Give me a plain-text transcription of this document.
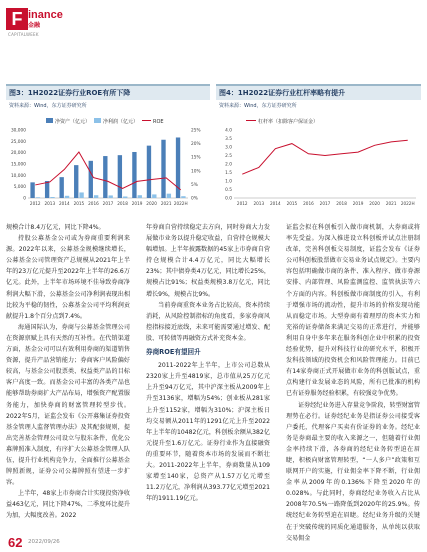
F inance
金融
CAPITALWEEK
图3：1H2022证券行业ROE有所下降
资料来源：Wind，东方证券研究所
净资产（亿元）	净利润（亿元）	ROE
0
5,000
10,000
15,000
20,000
25,000
30,000
0%
5%
10%
15%
20%
25%
2012 2013 2014 2015 2016 2017 2018 2019 2020 2021 2022H
图4：1H2022证券行业杠杆率略有提升
资料来源：Wind，东方证券研究所
杠杆率（扣除客户保证金）
0.0
0.5
1.0
1.5
2.0
2.5
3.0
3.5
4.0
2012 2013 2014 2015 2016 2017 2018 2019 2020 2021 2022H

规模合计8.4万亿元，同比下降4%。

持股公募基金公司或为券商重要利润来源。2022年以来，公募基金规模继续增长，公募基金公司管理资产总规模从2021年上半年的23万亿元提升至2022年上半年的26.6万亿元。此外，上半年市场环境不佳导致券商净利润大幅下滑，公募基金公司净利润表现出相比较为平稳的韧性，公募基金公司平均利润贡献提升1.8个百分点到7.4%。

海通国际认为，券商与公募基金管理公司在资源禀赋上具有天然的互补性。在代销渠道方面，基金公司可以有效利用券商的渠道销售资源，提升产品营销能力；券商客户风险偏好较高，与基金公司股票类、权益类产品的目标客户高度一致。而基金公司丰富的各类产品也能够帮助券商扩大产品布局，增强资产配置服务能力，加快券商的财富管理转型步伐。2022年5月，证监会发布《公开募集证券投资基金管理人监督管理办法》及其配套规则，提出完善基金管理公司设立与股东条件，优化公募牌照准入制度，有序扩大公募基金管理人队伍，提升行业机构竞争力，全面推行公募基金牌照新规，证券公司公募牌照有望进一步扩容。

上半年，48家上市券商合计实现投资净收益463亿元，同比下降47%，二季度环比提升为加，大幅度改善。2022

年券商自营持续稳定去方向，同时券商大力发展做市业务以提升稳定收益，自营持仓规模大幅增加。上半年披露数据的45家上市券商自营持仓规模合计4.4万亿元，同比大幅增长23%；其中债券类4万亿元，同比增长25%，规模占比91%；权益类规模3.8万亿元，同比增长9%，规模占比9%。

当前券商重资本业务占比较高，资本持续消耗，从风险控制指标的角度看，多家券商风控指标接近底线，未来可能需要通过增发、配股、可转债等再融资方式补充资本金。

券商ROE有望回升

2011-2022年上半年，上市公司总数从2320家上升至4819家，总市值从25万亿元上升至94万亿元，其中沪深主板从2009年上升至3136家，增幅为54%；创业板从281家上升至1152家，增幅为310%；沪深主板日均交易额从2011年的1291亿元上升至2022年上半年的10482亿元，科创板余额从382亿元提升至1.6万亿元。证券行业作为直接融资的重要环节，随着资本市场的发展而不断壮大。2011-2022年上半年，券商数量从109家增至140家，总资产从1.57万亿元增至11.2万亿元，净利润从393.77亿元增至2021年的1911.19亿元。

证监会拟在科创板引入做市商机制，大券商或将率先受益。为深入推进设立科创板并试点注册制改革，完善科创板交易制度，证监会发布《证券公司科创板股票做市交易业务试点规定》。主要内容包括明确做市商的条件、准入程序、做市券源安排、内部管理、风险监测监控、监管执法等六个方面的内容。科创板做市商制度的引入，有利于增强市场的流动性，提升市场的价格发现功能从而稳定市场。大型券商有着理厚的资本实力和充裕的证券储备来满足交易的正常进行，并能够利用自身中多年来在服务科创企业中积累的投资经验优势，提升对科技行业的研究水平，积极开发科技领域的投资机会和风险管理能力。目前已有14家券商正式开展做市业务的科创版试点，重点构建行业发展业态的风险，所有已批准的机构已有证券服务经验积累，有较强竞争优势。

证券经纪业务进入存量竞争阶段，转型财富管理势在必行。证券经纪业务是指证券公司接受客户委托，代理客户买卖有价证券的业务。经纪业务是券商最主要的收入来源之一，但随着行业佣金率持续下滑，各券商的经纪业务转型迫在眉睫，积极向财富管理转型，“一人多户”政策和互联网开户的实施，行业佣金率下降不断，行业佣金率从2009年的0.136%下降至2020年的0.028%。与此同时，券商经纪业务收入占比从2008年70.5%一路降低到2020年的25.9%。传统经纪业务转型迫在眉睫。经纪业务升级的关键在于突破传统的同质化通道服务，从单纯以获取交易佣金

62 2022/09/26
